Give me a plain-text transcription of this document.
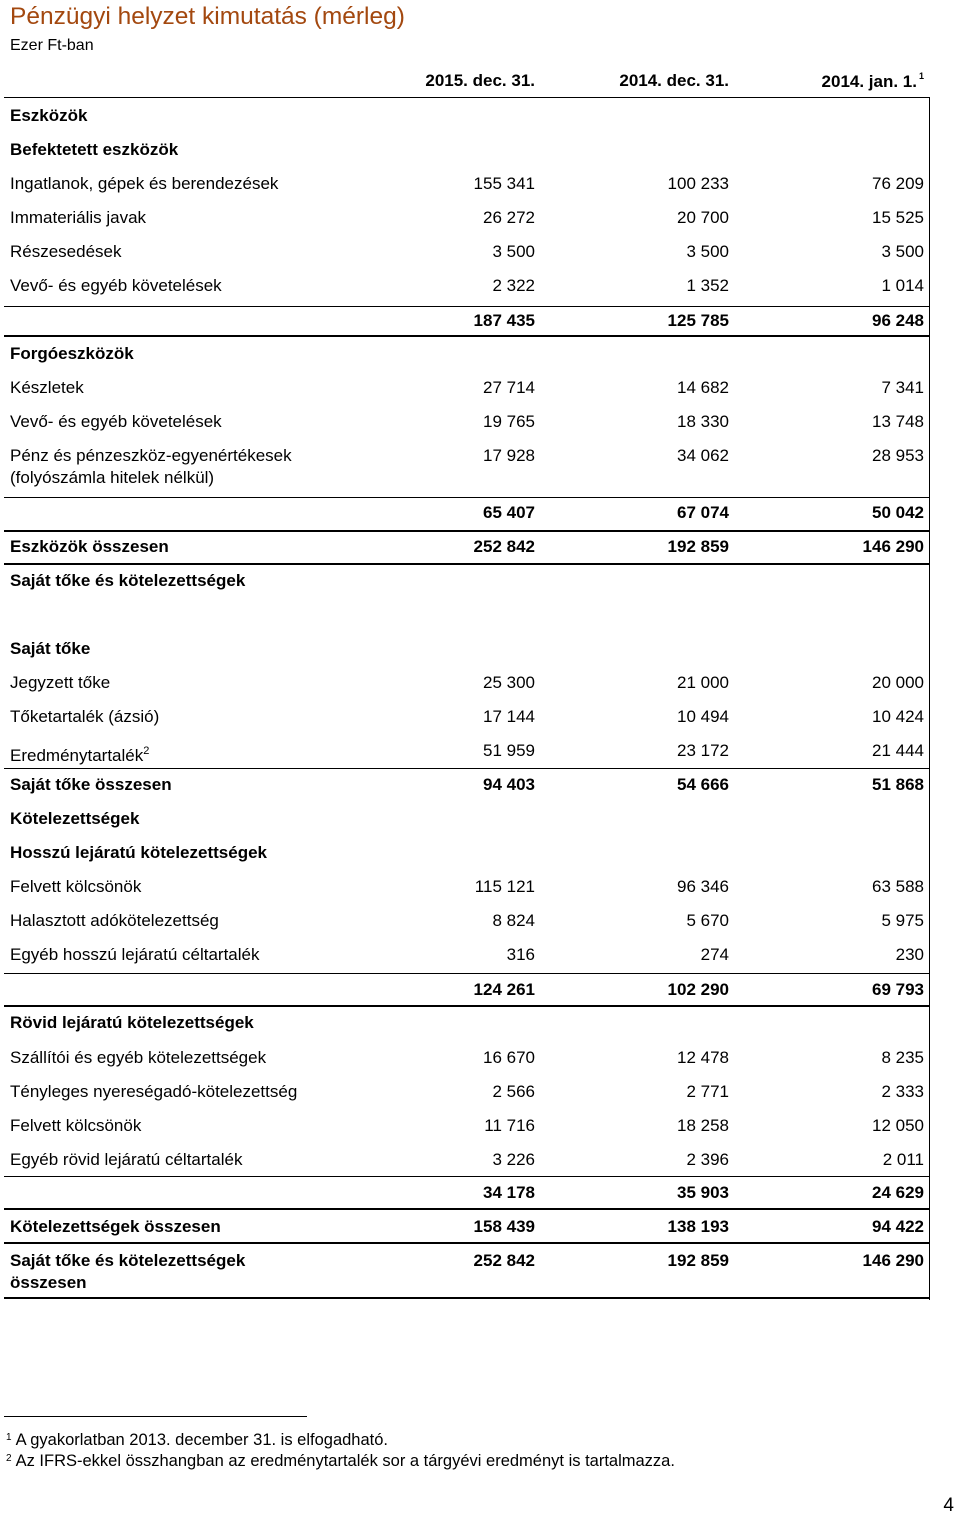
Pénzügyi helyzet kimutatás (mérleg)
Ezer Ft-ban
2015. dec. 31.	2014. dec. 31.	2014. jan. 1. $^1$
Eszközök
Befektetett eszközök
Ingatlanok, gépek és berendezések	155 341	100 233	76 209
Immateriális javak	26 272	20 700	15 525
Részesedések	3 500	3 500	3 500
Vevő- és egyéb követelések	2 322	1 352	1 014
187 435	125 785	96 248
Forgóeszközök
Készletek	27 714	14 682	7 341
Vevő- és egyéb követelések	19 765	18 330	13 748
Pénz és pénzeszköz-egyenértékesek
(folyószámla hitelek nélkül)
17 928	34 062	28 953
65 407	67 074	50 042
Eszközök összesen	252 842	192 859	146 290
Saját tőke és kötelezettségek
Saját tőke
Jegyzett tőke	25 300	21 000	20 000
Tőketartalék (ázsió)	17 144	10 494	10 424
Eredménytartalék$^2$	51 959	23 172	21 444
Saját tőke összesen	94 403	54 666	51 868
Kötelezettségek
Hosszú lejáratú kötelezettségek
Felvett kölcsönök	115 121	96 346	63 588
Halasztott adókötelezettség	8 824	5 670	5 975
Egyéb hosszú lejáratú céltartalék	316	274	230
124 261	102 290	69 793
Rövid lejáratú kötelezettségek
Szállítói és egyéb kötelezettségek	16 670	12 478	8 235
Tényleges nyereségadó-kötelezettség	2 566	2 771	2 333
Felvett kölcsönök	11 716	18 258	12 050
Egyéb rövid lejáratú céltartalék	3 226	2 396	2 011
34 178	35 903	24 629
Kötelezettségek összesen	158 439	138 193	94 422
Saját tőke és kötelezettségek
összesen
252 842	192 859	146 290
$^1$ A gyakorlatban 2013. december 31. is elfogadható.
$^2$ Az IFRS-ekkel összhangban az eredménytartalék sor a tárgyévi eredményt is tartalmazza.
4
